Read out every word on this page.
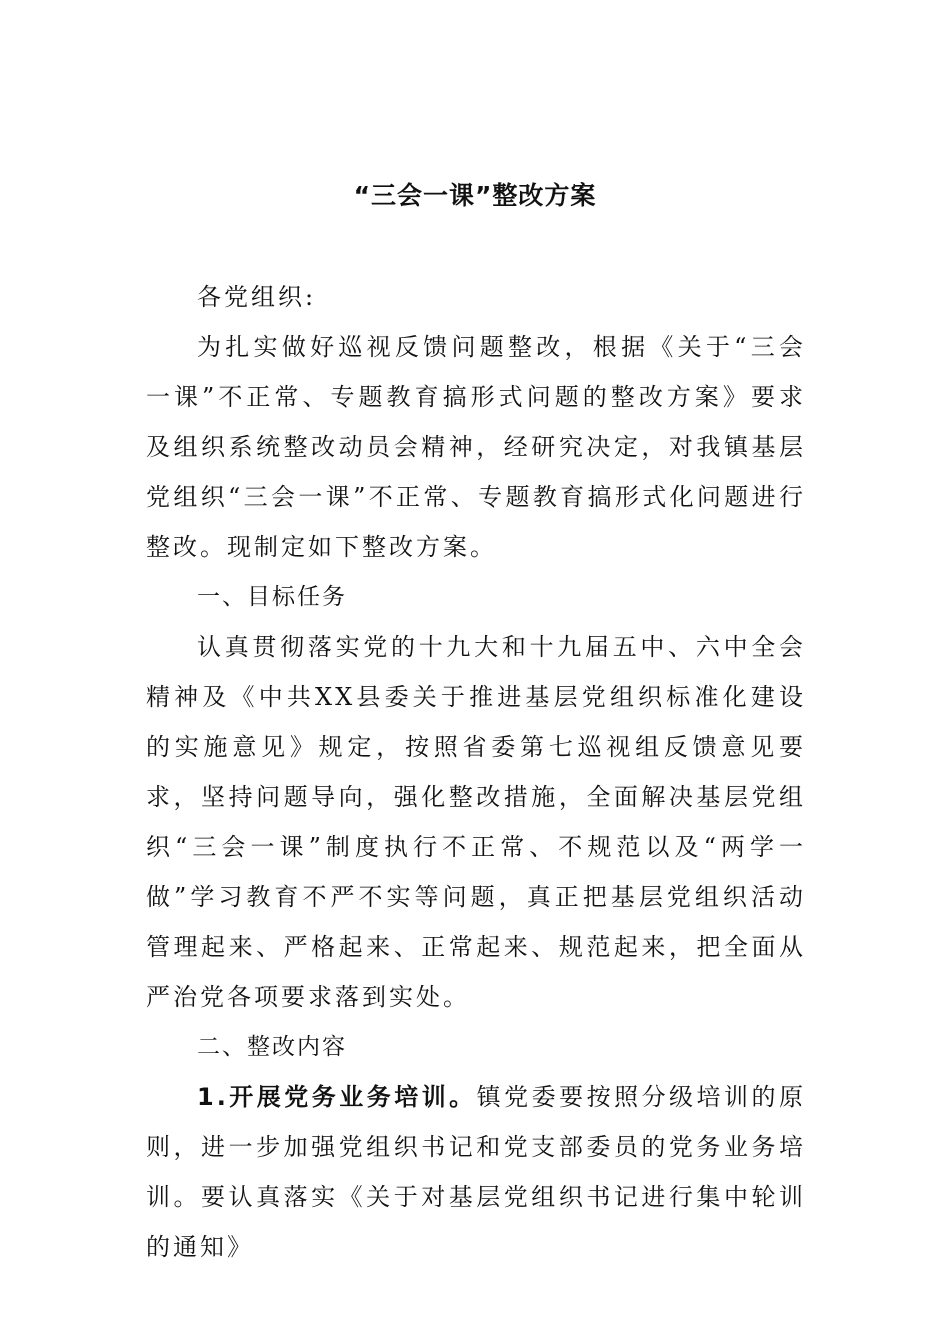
“三会一课”整改方案

各党组织:

为扎实做好巡视反馈问题整改，根据《关于“三会一课”不正常、专题教育搞形式问题的整改方案》要求及组织系统整改动员会精神，经研究决定，对我镇基层党组织“三会一课”不正常、专题教育搞形式化问题进行整改。现制定如下整改方案。

一、目标任务

认真贯彻落实党的十九大和十九届五中、六中全会精神及《中共XX县委关于推进基层党组织标准化建设的实施意见》规定，按照省委第七巡视组反馈意见要求，坚持问题导向，强化整改措施，全面解决基层党组织“三会一课”制度执行不正常、不规范以及“两学一做”学习教育不严不实等问题，真正把基层党组织活动管理起来、严格起来、正常起来、规范起来，把全面从严治党各项要求落到实处。

二、整改内容

1.开展党务业务培训。镇党委要按照分级培训的原则，进一步加强党组织书记和党支部委员的党务业务培训。要认真落实《关于对基层党组织书记进行集中轮训的通知》
